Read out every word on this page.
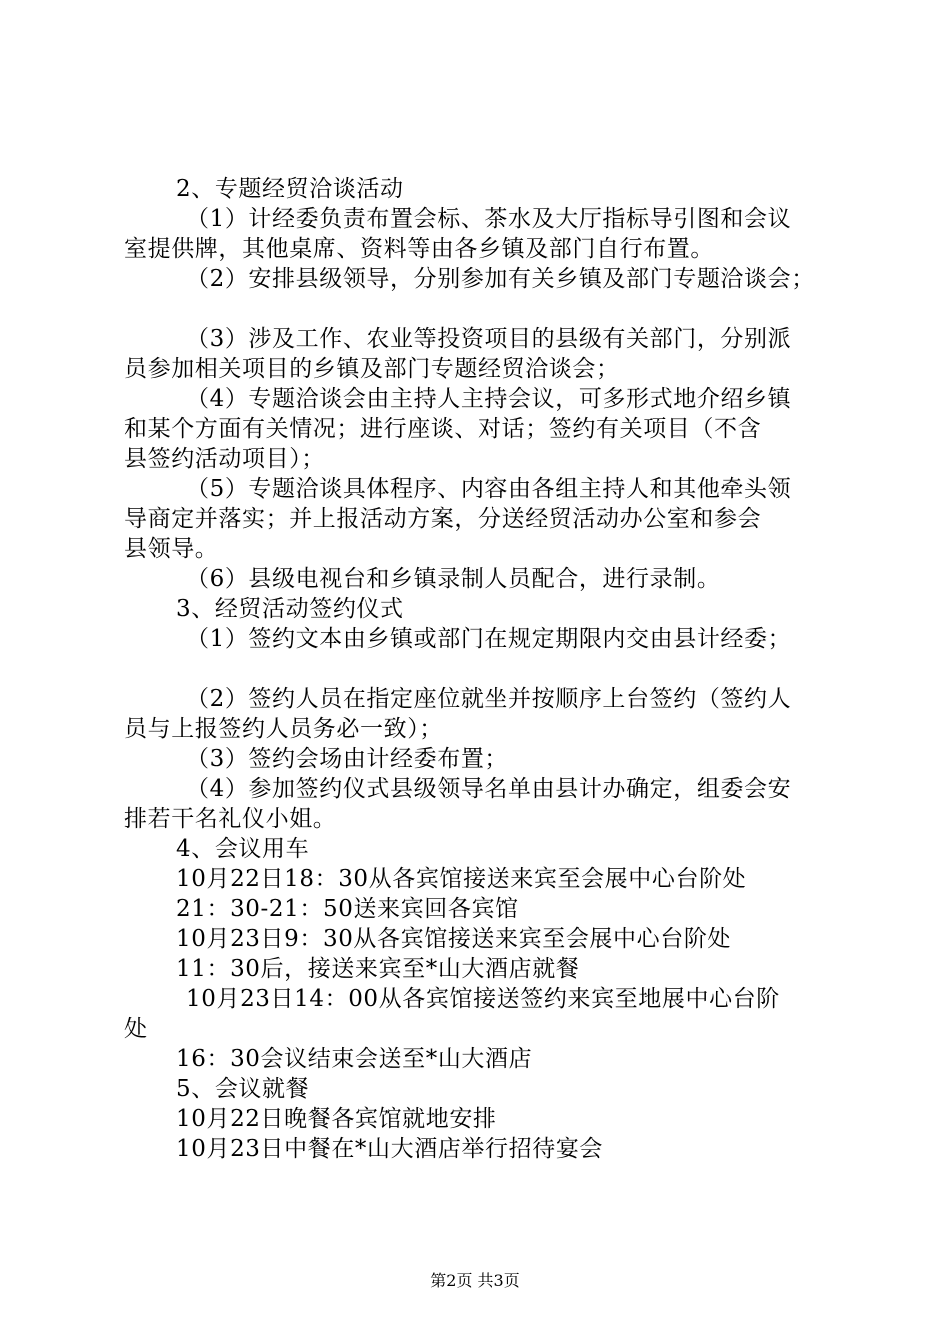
2、专题经贸洽谈活动
（1）计经委负责布置会标、茶水及大厅指标导引图和会议
室提供牌，其他桌席、资料等由各乡镇及部门自行布置。
（2）安排县级领导，分别参加有关乡镇及部门专题洽谈会；
（3）涉及工作、农业等投资项目的县级有关部门，分别派
员参加相关项目的乡镇及部门专题经贸洽谈会；
（4）专题洽谈会由主持人主持会议，可多形式地介绍乡镇
和某个方面有关情况；进行座谈、对话；签约有关项目（不含
县签约活动项目）；
（5）专题洽谈具体程序、内容由各组主持人和其他牵头领
导商定并落实；并上报活动方案，分送经贸活动办公室和参会
县领导。
（6）县级电视台和乡镇录制人员配合，进行录制。
3、经贸活动签约仪式
（1）签约文本由乡镇或部门在规定期限内交由县计经委；
（2）签约人员在指定座位就坐并按顺序上台签约（签约人
员与上报签约人员务必一致）；
（3）签约会场由计经委布置；
（4）参加签约仪式县级领导名单由县计办确定，组委会安
排若干名礼仪小姐。
4、会议用车
10月22日18：30从各宾馆接送来宾至会展中心台阶处
21：30-21：50送来宾回各宾馆
10月23日9：30从各宾馆接送来宾至会展中心台阶处
11：30后，接送来宾至*山大酒店就餐
10月23日14：00从各宾馆接送签约来宾至地展中心台阶
处
16：30会议结束会送至*山大酒店
5、会议就餐
10月22日晚餐各宾馆就地安排
10月23日中餐在*山大酒店举行招待宴会
第2页 共3页
